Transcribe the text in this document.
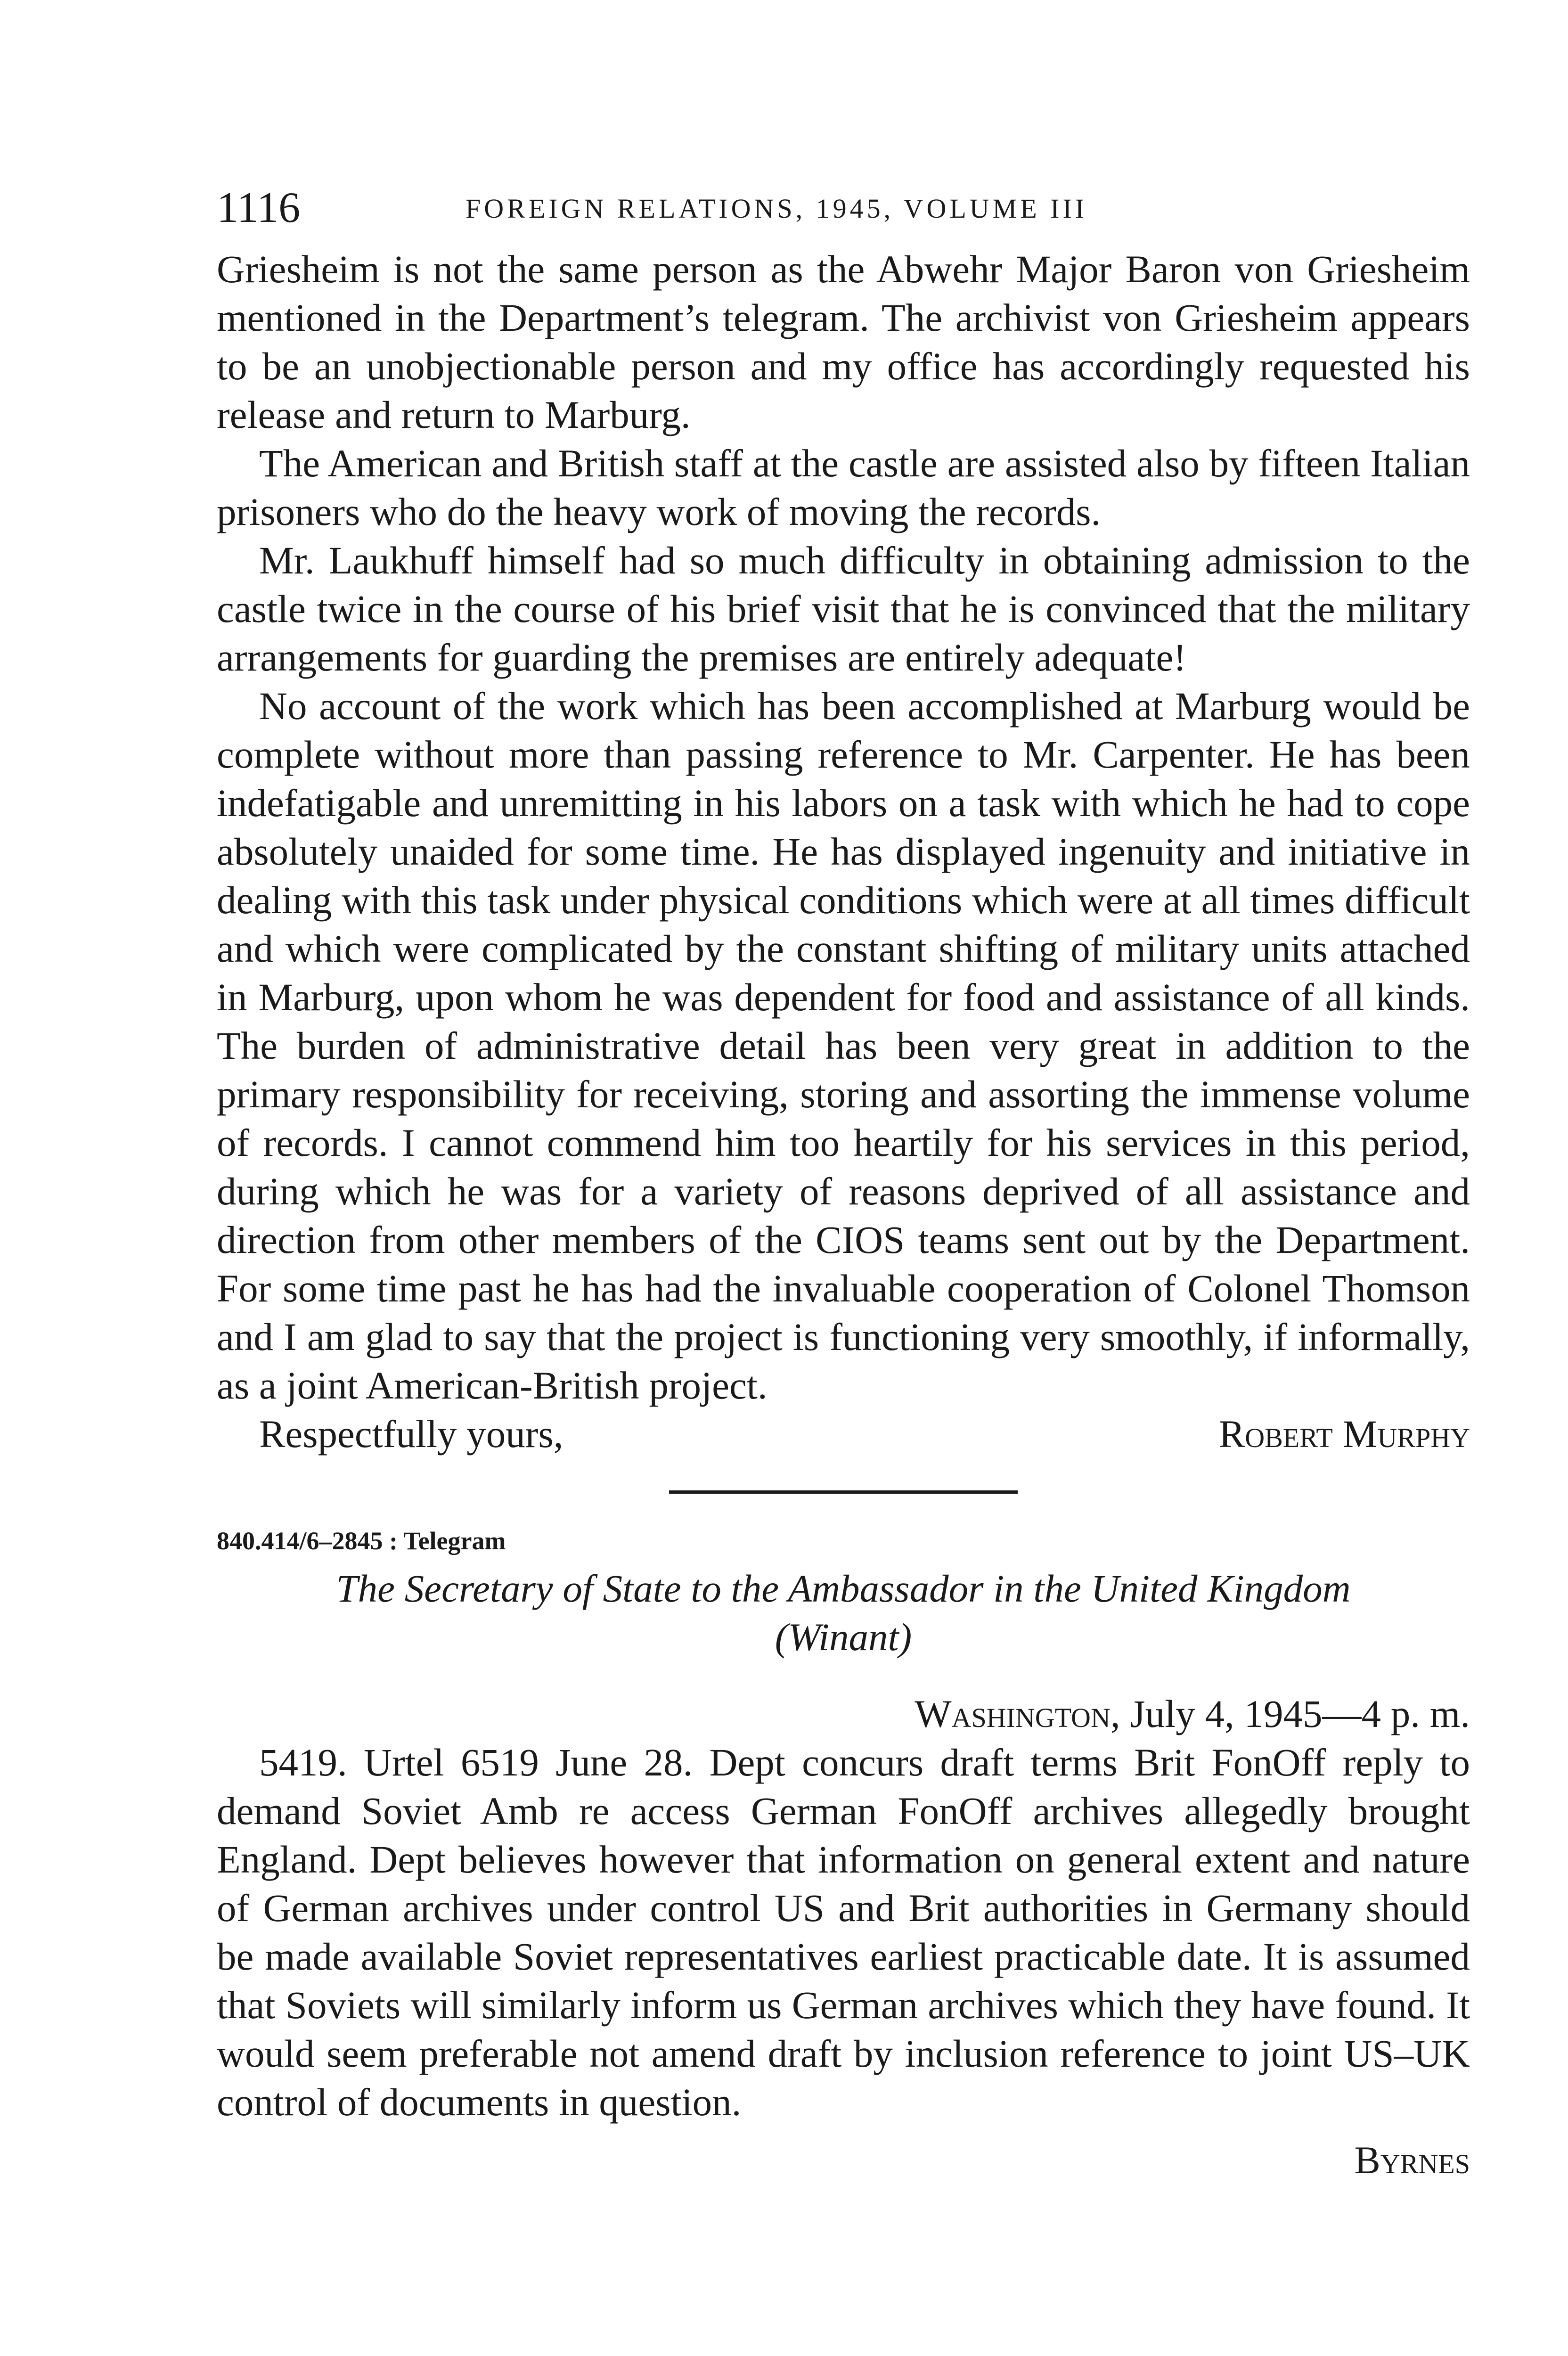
1116	FOREIGN RELATIONS, 1945, VOLUME III

Griesheim is not the same person as the Abwehr Major Baron von Griesheim mentioned in the Department’s telegram. The archivist von Griesheim appears to be an unobjectionable person and my office has accordingly requested his release and return to Marburg.

The American and British staff at the castle are assisted also by fifteen Italian prisoners who do the heavy work of moving the records.

Mr. Laukhuff himself had so much difficulty in obtaining admission to the castle twice in the course of his brief visit that he is convinced that the military arrangements for guarding the premises are entirely adequate!

No account of the work which has been accomplished at Marburg would be complete without more than passing reference to Mr. Carpenter. He has been indefatigable and unremitting in his labors on a task with which he had to cope absolutely unaided for some time. He has displayed ingenuity and initiative in dealing with this task under physical conditions which were at all times difficult and which were complicated by the constant shifting of military units attached in Marburg, upon whom he was dependent for food and assistance of all kinds. The burden of administrative detail has been very great in addition to the primary responsibility for receiving, storing and assorting the immense volume of records. I cannot commend him too heartily for his services in this period, during which he was for a variety of reasons deprived of all assistance and direction from other members of the CIOS teams sent out by the Department. For some time past he has had the invaluable cooperation of Colonel Thomson and I am glad to say that the project is functioning very smoothly, if informally, as a joint American-British project.

Respectfully yours,	Robert Murphy
840.414/6–2845 : Telegram
The Secretary of State to the Ambassador in the United Kingdom
(Winant)
Washington, July 4, 1945—4 p. m.

5419. Urtel 6519 June 28. Dept concurs draft terms Brit FonOff reply to demand Soviet Amb re access German FonOff archives allegedly brought England. Dept believes however that information on general extent and nature of German archives under control US and Brit authorities in Germany should be made available Soviet representatives earliest practicable date. It is assumed that Soviets will similarly inform us German archives which they have found. It would seem preferable not amend draft by inclusion reference to joint US–UK control of documents in question.

Byrnes
